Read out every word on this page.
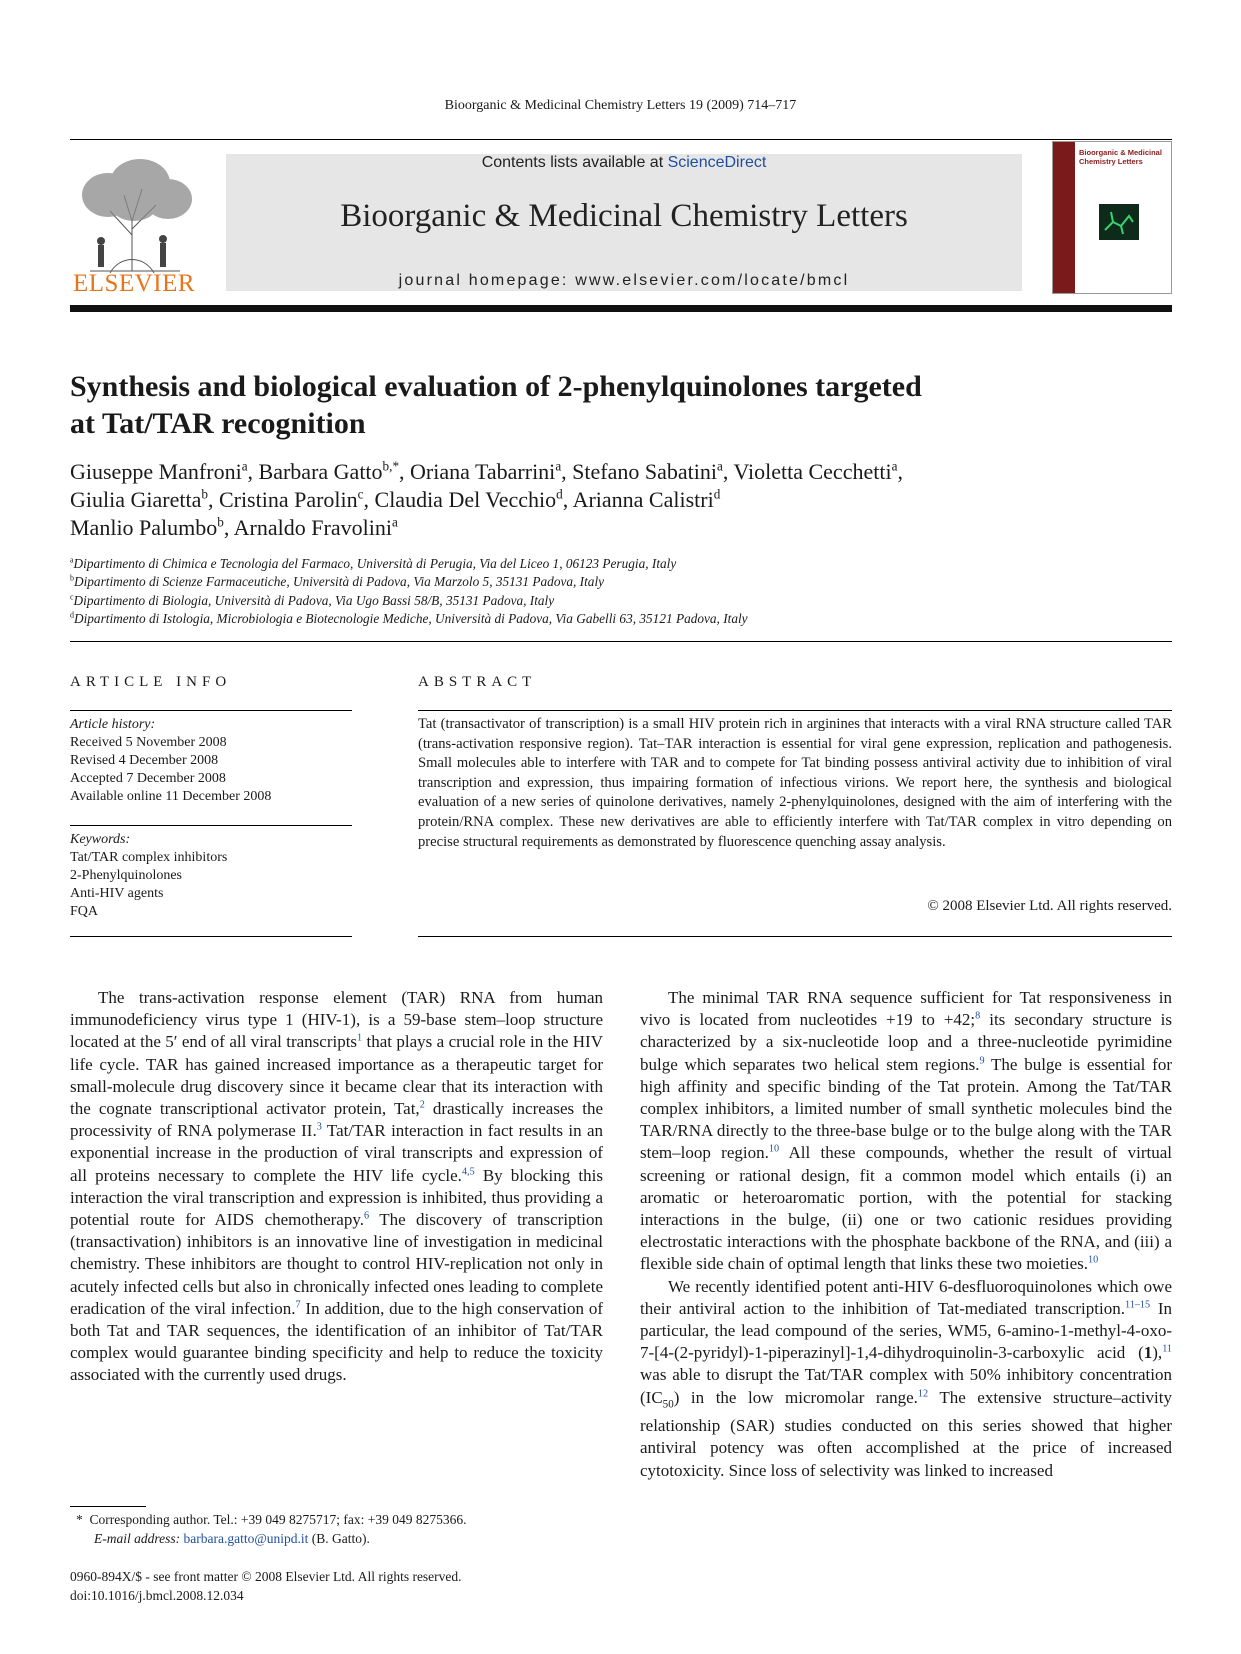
Bioorganic & Medicinal Chemistry Letters 19 (2009) 714–717
ELSEVIER
Contents lists available at ScienceDirect
Bioorganic & Medicinal Chemistry Letters
journal homepage: www.elsevier.com/locate/bmcl
Bioorganic & Medicinal Chemistry Letters
Synthesis and biological evaluation of 2-phenylquinolones targeted
at Tat/TAR recognition
Giuseppe Manfroni$^a$, Barbara Gatto$^{b,*}$, Oriana Tabarrini$^a$, Stefano Sabatini$^a$, Violetta Cecchetti$^a$,
Giulia Giaretta$^b$, Cristina Parolin$^c$, Claudia Del Vecchio$^d$, Arianna Calistri$^d$
Manlio Palumbo$^b$, Arnaldo Fravolini$^a$
$^a$Dipartimento di Chimica e Tecnologia del Farmaco, Università di Perugia, Via del Liceo 1, 06123 Perugia, Italy
$^b$Dipartimento di Scienze Farmaceutiche, Università di Padova, Via Marzolo 5, 35131 Padova, Italy
$^c$Dipartimento di Biologia, Università di Padova, Via Ugo Bassi 58/B, 35131 Padova, Italy
$^d$Dipartimento di Istologia, Microbiologia e Biotecnologie Mediche, Università di Padova, Via Gabelli 63, 35121 Padova, Italy
ARTICLE INFO
Article history:
Received 5 November 2008
Revised 4 December 2008
Accepted 7 December 2008
Available online 11 December 2008
Keywords:
Tat/TAR complex inhibitors
2-Phenylquinolones
Anti-HIV agents
FQA
ABSTRACT
Tat (transactivator of transcription) is a small HIV protein rich in arginines that interacts with a viral RNA structure called TAR (trans-activation responsive region). Tat–TAR interaction is essential for viral gene expression, replication and pathogenesis. Small molecules able to interfere with TAR and to compete for Tat binding possess antiviral activity due to inhibition of viral transcription and expression, thus impairing formation of infectious virions. We report here, the synthesis and biological evaluation of a new series of quinolone derivatives, namely 2-phenylquinolones, designed with the aim of interfering with the protein/RNA complex. These new derivatives are able to efficiently interfere with Tat/TAR complex in vitro depending on precise structural requirements as demonstrated by fluorescence quenching assay analysis.
© 2008 Elsevier Ltd. All rights reserved.

The trans-activation response element (TAR) RNA from human immunodeficiency virus type 1 (HIV-1), is a 59-base stem–loop structure located at the 5′ end of all viral transcripts$^1$ that plays a crucial role in the HIV life cycle. TAR has gained increased importance as a therapeutic target for small-molecule drug discovery since it became clear that its interaction with the cognate transcriptional activator protein, Tat,$^2$ drastically increases the processivity of RNA polymerase II.$^3$ Tat/TAR interaction in fact results in an exponential increase in the production of viral transcripts and expression of all proteins necessary to complete the HIV life cycle.$^{4,5}$ By blocking this interaction the viral transcription and expression is inhibited, thus providing a potential route for AIDS chemotherapy.$^6$ The discovery of transcription (transactivation) inhibitors is an innovative line of investigation in medicinal chemistry. These inhibitors are thought to control HIV-replication not only in acutely infected cells but also in chronically infected ones leading to complete eradication of the viral infection.$^7$ In addition, due to the high conservation of both Tat and TAR sequences, the identification of an inhibitor of Tat/TAR complex would guarantee binding specificity and help to reduce the toxicity associated with the currently used drugs.

The minimal TAR RNA sequence sufficient for Tat responsiveness in vivo is located from nucleotides +19 to +42;$^8$ its secondary structure is characterized by a six-nucleotide loop and a three-nucleotide pyrimidine bulge which separates two helical stem regions.$^9$ The bulge is essential for high affinity and specific binding of the Tat protein. Among the Tat/TAR complex inhibitors, a limited number of small synthetic molecules bind the TAR/RNA directly to the three-base bulge or to the bulge along with the TAR stem–loop region.$^{10}$ All these compounds, whether the result of virtual screening or rational design, fit a common model which entails (i) an aromatic or heteroaromatic portion, with the potential for stacking interactions in the bulge, (ii) one or two cationic residues providing electrostatic interactions with the phosphate backbone of the RNA, and (iii) a flexible side chain of optimal length that links these two moieties.$^{10}$

We recently identified potent anti-HIV 6-desfluoroquinolones which owe their antiviral action to the inhibition of Tat-mediated transcription.$^{11-15}$ In particular, the lead compound of the series, WM5, 6-amino-1-methyl-4-oxo-7-[4-(2-pyridyl)-1-piperazinyl]-1,4-dihydroquinolin-3-carboxylic acid (1),$^{11}$ was able to disrupt the Tat/TAR complex with 50% inhibitory concentration $(IC_{50})$ in the low micromolar range.$^{12}$ The extensive structure–activity relationship (SAR) studies conducted on this series showed that higher antiviral potency was often accomplished at the price of increased cytotoxicity. Since loss of selectivity was linked to increased

* Corresponding author. Tel.: +39 049 8275717; fax: +39 049 8275366.
E-mail address: barbara.gatto@unipd.it (B. Gatto).
0960-894X/$ - see front matter © 2008 Elsevier Ltd. All rights reserved.
doi:10.1016/j.bmcl.2008.12.034
